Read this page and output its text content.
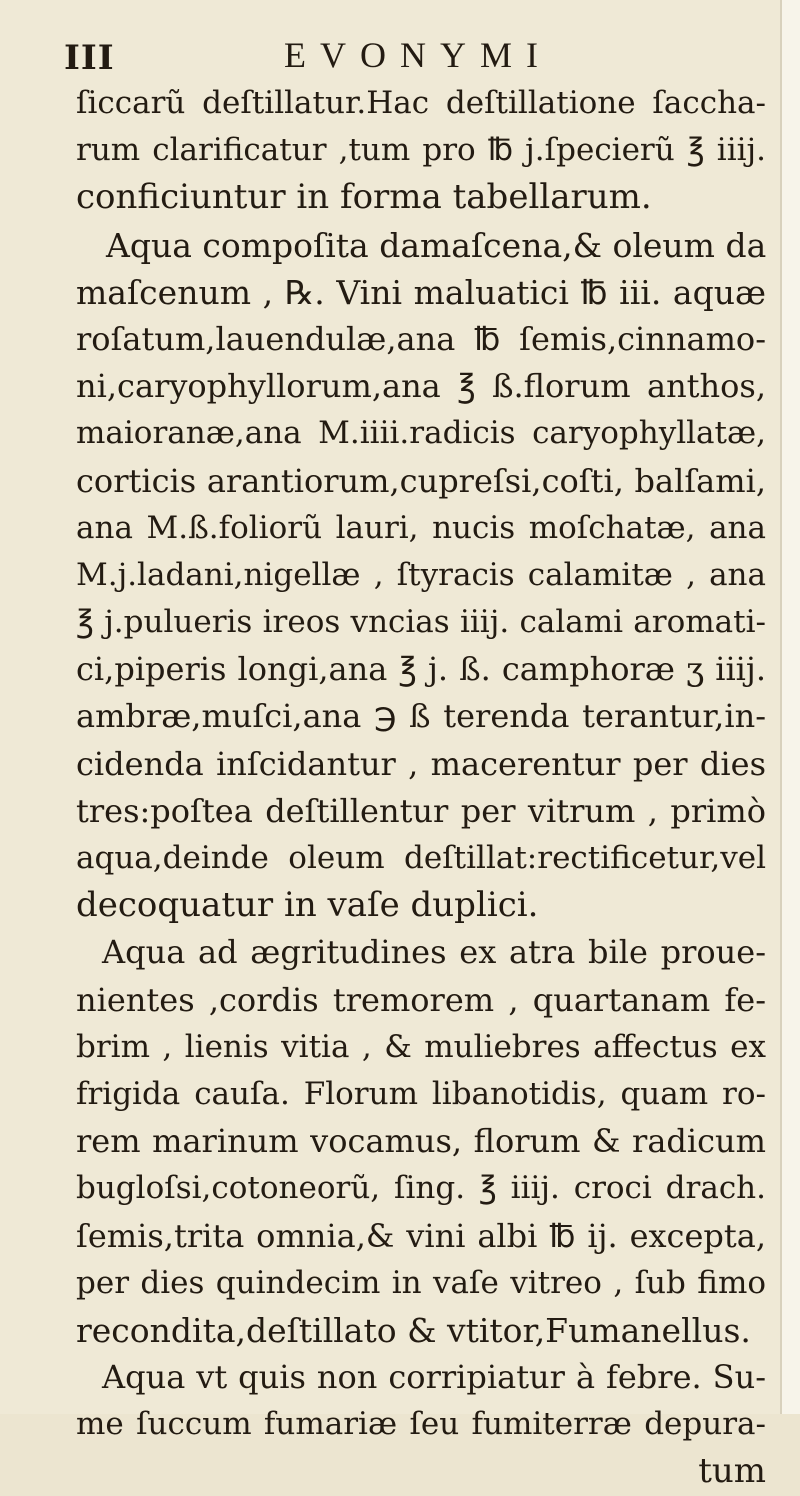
III	EVONYMI
ſiccarũ deſtillatur.Hac deſtillatione ſaccha-
rum clarificatur ,tum pro ℔ j.ſpecierũ ℥ iiij.
conficiuntur in forma tabellarum.
Aqua compoſita damaſcena,& oleum da
maſcenum , ℞. Vini maluatici ℔ iii. aquæ
roſatum,lauendulæ,ana ℔ ſemis,cinnamo-
ni,caryophyllorum,ana ℥ ß.florum anthos,
maioranæ,ana M.iiii.radicis caryophyllatæ,
corticis arantiorum,cupreſsi,coſti, balſami,
ana M.ß.foliorũ lauri, nucis moſchatæ, ana
M.j.ladani,nigellæ , ſtyracis calamitæ , ana
℥ j.pulueris ireos vncias iiij. calami aromati-
ci,piperis longi,ana ℥ j. ß. camphoræ ʒ iiij.
ambræ,muſci,ana ℈ ß terenda terantur,in-
cidenda inſcidantur , macerentur per dies
tres:poſtea deſtillentur per vitrum , primò
aqua,deinde oleum deſtillat:rectificetur,vel
decoquatur in vaſe duplici.
Aqua ad ægritudines ex atra bile proue-
nientes ,cordis tremorem , quartanam fe-
brim , lienis vitia , & muliebres affectus ex
frigida cauſa. Florum libanotidis, quam ro-
rem marinum vocamus, florum & radicum
bugloſsi,cotoneorũ, ſing. ℥ iiij. croci drach.
ſemis,trita omnia,& vini albi ℔ ij. excepta,
per dies quindecim in vaſe vitreo , ſub fimo
recondita,deſtillato & vtitor,Fumanellus.
Aqua vt quis non corripiatur à febre. Su-
me ſuccum fumariæ ſeu fumiterræ depura-
tum
